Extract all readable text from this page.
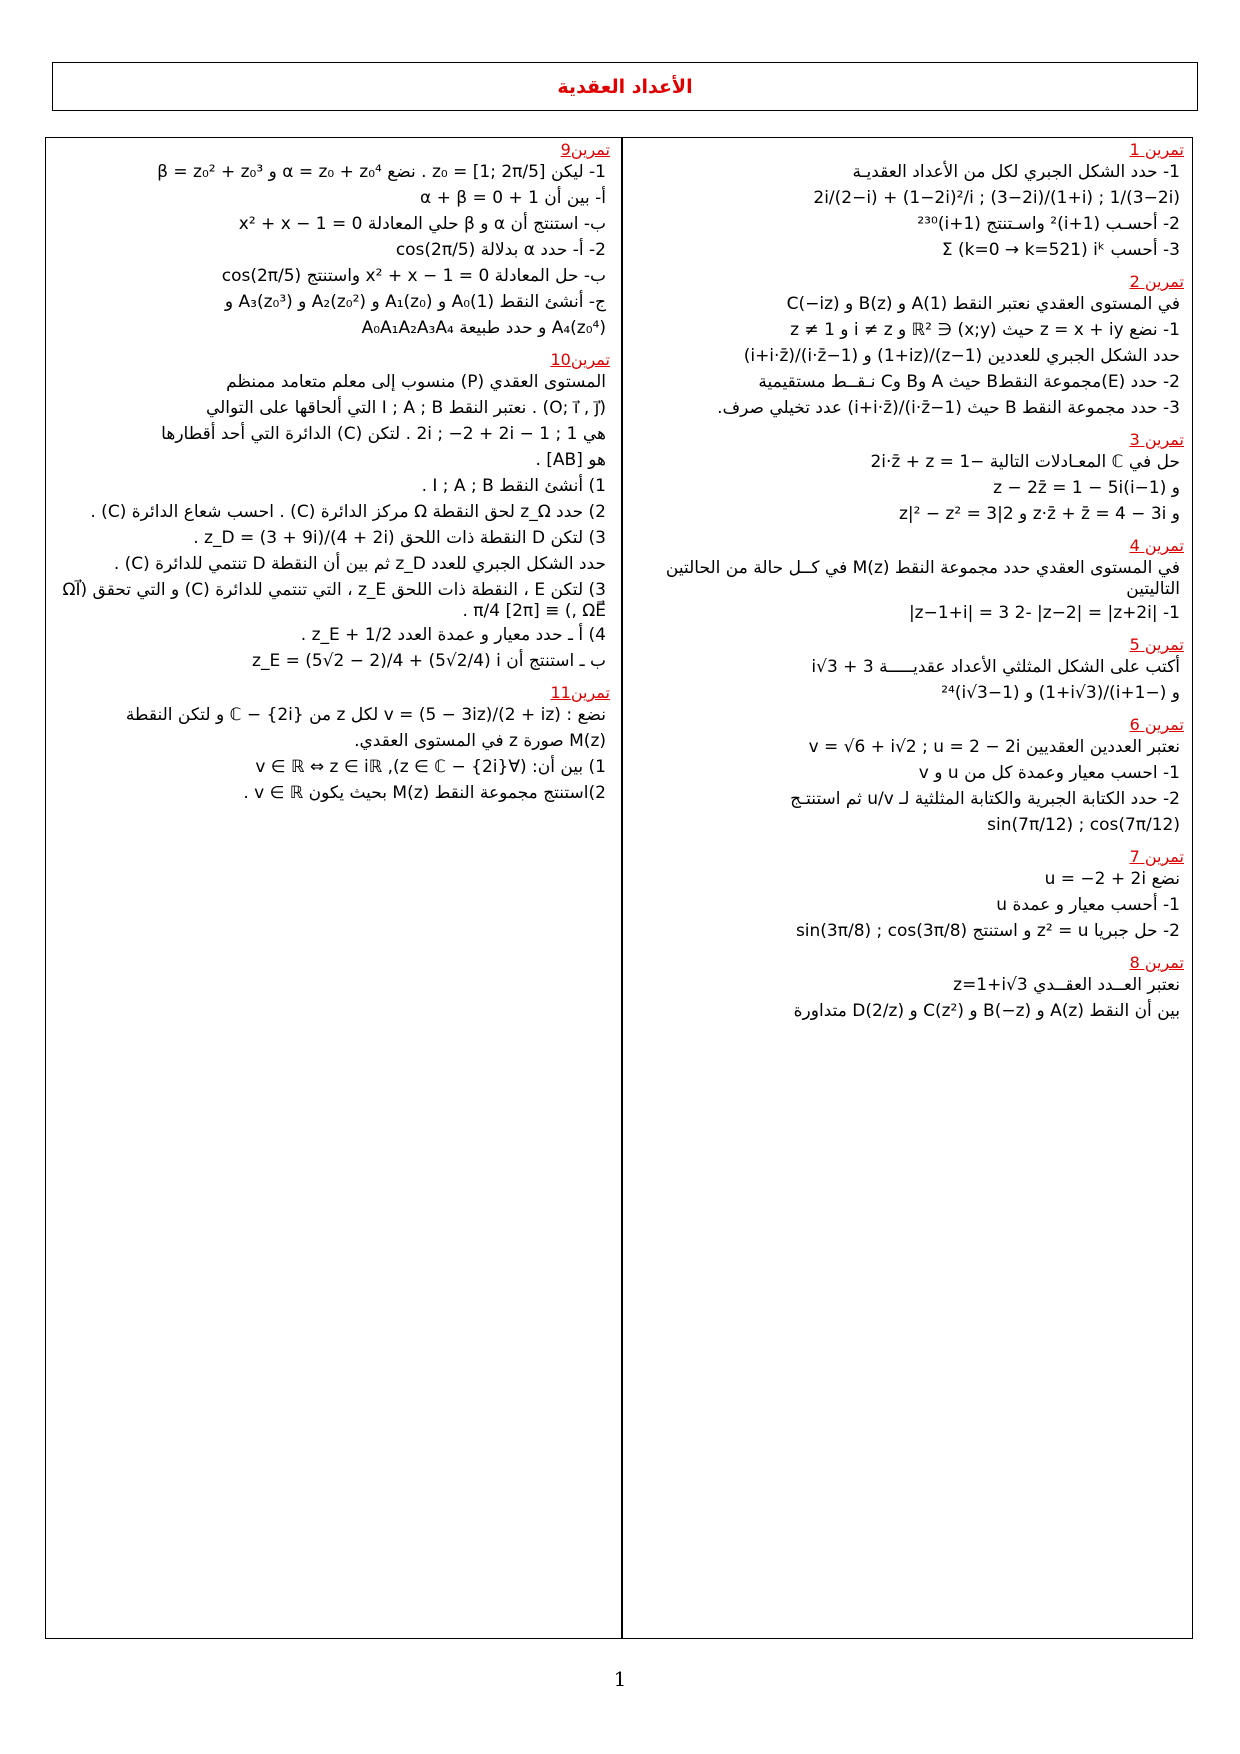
الأعداد العقدية
تمرين 1
1- حدد الشكل الجبري لكل من الأعداد العقديـة
2i/(2−i) + (1−2i)²/i ; (3−2i)/(1+i) ; 1/(3−2i)
2- أحسـب (1+i)² واسـتنتج (1+i)²³⁰
3- أحسب Σ (k=0 → k=521) iᵏ
تمرين 2
في المستوى العقدي نعتبر النقط A(1) و B(z) و C(−iz)
1- نضع z = x + iy حيث (x;y) ∈ ℝ² و i ≠ z و z ≠ 1
حدد الشكل الجبري للعددين (1−z)/(1+iz) و (1−i·z̄)/(i+i·z̄)
2- حدد (E)مجموعة النقطB حيث A وB وC نـقــط مستقيمية
3- حدد مجموعة النقط B حيث (1−i·z̄)/(i+i·z̄) عدد تخيلي صرف.
تمرين 3
حل في ℂ المعـادلات التالية −2i·z̄ + z = 1
و (1−i)z − 2z̄ = 1 − 5i
و z·z̄ + z̄ = 4 − 3i و 2|z|² − z² = 3
تمرين 4
في المستوى العقدي حدد مجموعة النقط M(z) في كــل حالة من الحالتين التاليتين
1- |z−1+i| = 3 2- |z−2| = |z+2i|
تمرين 5
أكتب على الشكل المثلثي الأعداد عقديـــــة 3 + i√3
و (−1+i)/(1+i√3) و (1−i√3)²⁴
تمرين 6
نعتبر العددين العقديين v = √6 + i√2 ; u = 2 − 2i
1- احسب معيار وعمدة كل من u و v
2- حدد الكتابة الجبرية والكتابة المثلثية لـ u/v ثم استنتـج
sin(7π/12) ; cos(7π/12)
تمرين 7
نضع u = −2 + 2i
1- أحسب معيار و عمدة u
2- حل جبريا z² = u و استنتج sin(3π/8) ; cos(3π/8)
تمرين 8
نعتبر العــدد العقــدي z=1+i√3
بين أن النقط A(z) و B(−z) و C(z²) و D(2/z) متداورة
تمرين9
1- ليكن z₀ = [1; 2π/5] . نضع α = z₀ + z₀⁴ و β = z₀² + z₀³
أ- بين أن 1 + α + β = 0
ب- استنتج أن α و β حلي المعادلة x² + x − 1 = 0
2- أ- حدد α بدلالة cos(2π/5)
ب- حل المعادلة x² + x − 1 = 0 واستنتج cos(2π/5)
ج- أنشئ النقط A₀(1) و A₁(z₀) و A₂(z₀²) و A₃(z₀³) و
A₄(z₀⁴) و حدد طبيعة A₀A₁A₂A₃A₄
تمرين10
المستوى العقدي (P) منسوب إلى معلم متعامد ممنظم
(O; i⃗ , j⃗) . نعتبر النقط I ; A ; B التي ألحاقها على التوالي
هي 1 ; 1 − 2i ; −2 + 2i . لتكن (C) الدائرة التي أحد أقطارها
هو [AB] .
1) أنشئ النقط I ; A ; B .
2) حدد z_Ω لحق النقطة Ω مركز الدائرة (C) . احسب شعاع الدائرة (C) .
3) لتكن D النقطة ذات اللحق z_D = (3 + 9i)/(4 + 2i) .
حدد الشكل الجبري للعدد z_D ثم بين أن النقطة D تنتمي للدائرة (C) .
3) لتكن E ، النقطة ذات اللحق z_E ، التي تنتمي للدائرة (C) و التي تحقق (ΩI⃗ , ΩE⃗) ≡ π/4 [2π] .
4) أ ـ حدد معيار و عمدة العدد z_E + 1/2 .
ب ـ استنتج أن z_E = (5√2 − 2)/4 + (5√2/4) i
تمرين11
نضع : v = (5 − 3iz)/(2 + iz) لكل z من ℂ − {2i} و لتكن النقطة
M(z) صورة z في المستوى العقدي.
1) بين أن: (∀z ∈ ℂ − {2i}), v ∈ ℝ ⇔ z ∈ iℝ
2)استنتج مجموعة النقط M(z) بحيث يكون v ∈ ℝ .
1
